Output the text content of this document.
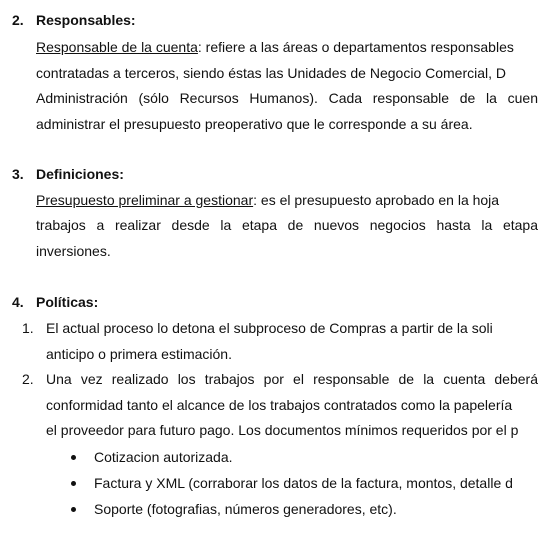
2. Responsables:
Responsable de la cuenta: refiere a las áreas o departamentos responsables
contratadas a terceros, siendo éstas las Unidades de Negocio Comercial, D
Administración (sólo Recursos Humanos). Cada responsable de la cuen
administrar el presupuesto preoperativo que le corresponde a su área.
3. Definiciones:
Presupuesto preliminar a gestionar: es el presupuesto aprobado en la hoja
trabajos a realizar desde la etapa de nuevos negocios hasta la etapa
inversiones.
4. Políticas:
1. El actual proceso lo detona el subproceso de Compras a partir de la soli
anticipo o primera estimación.
2. Una vez realizado los trabajos por el responsable de la cuenta deberá
conformidad tanto el alcance de los trabajos contratados como la papelería
el proveedor para futuro pago. Los documentos mínimos requeridos por el p
Cotizacion autorizada.
Factura y XML (corraborar los datos de la factura, montos, detalle d
Soporte (fotografias, números generadores, etc).
